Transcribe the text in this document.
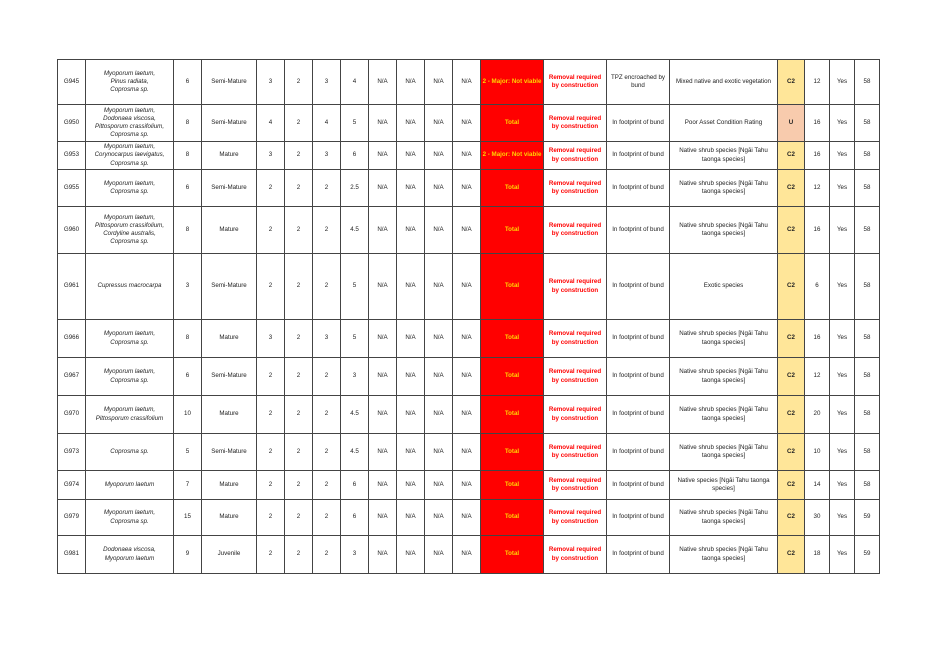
G945	Myoporum laetum,
Pinus radiata,
Coprosma sp.	6	Semi-Mature	3	2	3	4	N/A	N/A	N/A	N/A	2 - Major: Not viable	Removal required by construction	TPZ encroached by bund	Mixed native and exotic vegetation	C2	12	Yes	58
G950	Myoporum laetum,
Dodonaea viscosa,
Pittosporum crassifolium,
Coprosma sp.	8	Semi-Mature	4	2	4	5	N/A	N/A	N/A	N/A	Total	Removal required by construction	In footprint of bund	Poor Asset Condition Rating	U	16	Yes	58
G953	Myoporum laetum,
Corynocarpus laevigatus,
Coprosma sp.	8	Mature	3	2	3	6	N/A	N/A	N/A	N/A	2 - Major: Not viable	Removal required by construction	In footprint of bund	Native shrub species [Ngāi Tahu taonga species]	C2	16	Yes	58
G955	Myoporum laetum,
Coprosma sp.	6	Semi-Mature	2	2	2	2.5	N/A	N/A	N/A	N/A	Total	Removal required by construction	In footprint of bund	Native shrub species [Ngāi Tahu taonga species]	C2	12	Yes	58
G960	Myoporum laetum,
Pittosporum crassifolium,
Cordyline australis,
Coprosma sp.	8	Mature	2	2	2	4.5	N/A	N/A	N/A	N/A	Total	Removal required by construction	In footprint of bund	Native shrub species [Ngāi Tahu taonga species]	C2	16	Yes	58
G961	Cupressus macrocarpa	3	Semi-Mature	2	2	2	5	N/A	N/A	N/A	N/A	Total	Removal required by construction	In footprint of bund	Exotic species	C2	6	Yes	58
G966	Myoporum laetum,
Coprosma sp.	8	Mature	3	2	3	5	N/A	N/A	N/A	N/A	Total	Removal required by construction	In footprint of bund	Native shrub species [Ngāi Tahu taonga species]	C2	16	Yes	58
G967	Myoporum laetum,
Coprosma sp.	6	Semi-Mature	2	2	2	3	N/A	N/A	N/A	N/A	Total	Removal required by construction	In footprint of bund	Native shrub species [Ngāi Tahu taonga species]	C2	12	Yes	58
G970	Myoporum laetum,
Pittosporum crassifolium	10	Mature	2	2	2	4.5	N/A	N/A	N/A	N/A	Total	Removal required by construction	In footprint of bund	Native shrub species [Ngāi Tahu taonga species]	C2	20	Yes	58
G973	Coprosma sp.	5	Semi-Mature	2	2	2	4.5	N/A	N/A	N/A	N/A	Total	Removal required by construction	In footprint of bund	Native shrub species [Ngāi Tahu taonga species]	C2	10	Yes	58
G974	Myoporum laetum	7	Mature	2	2	2	6	N/A	N/A	N/A	N/A	Total	Removal required by construction	In footprint of bund	Native species [Ngāi Tahu taonga species]	C2	14	Yes	58
G979	Myoporum laetum,
Coprosma sp.	15	Mature	2	2	2	6	N/A	N/A	N/A	N/A	Total	Removal required by construction	In footprint of bund	Native shrub species [Ngāi Tahu taonga species]	C2	30	Yes	59
G981	Dodonaea viscosa,
Myoporum laetum	9	Juvenile	2	2	2	3	N/A	N/A	N/A	N/A	Total	Removal required by construction	In footprint of bund	Native shrub species [Ngāi Tahu taonga species]	C2	18	Yes	59
